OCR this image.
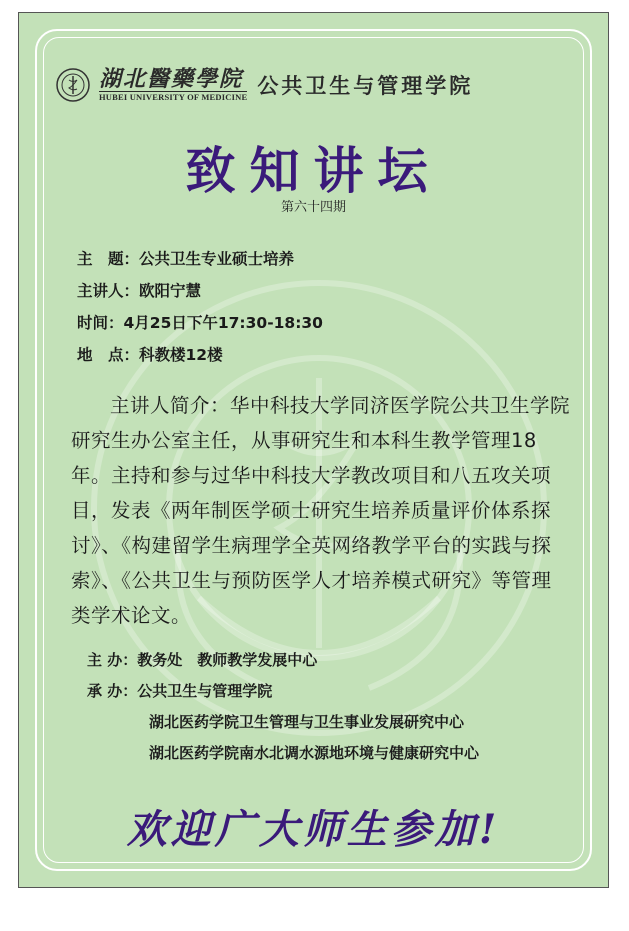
湖北醫藥學院
HUBEI UNIVERSITY OF MEDICINE 公共卫生与管理学院
致知讲坛
第六十四期
主　题：公共卫生专业硕士培养
主讲人：欧阳宁慧
时间：4月25日下午17:30-18:30
地　点：科教楼12楼
主讲人简介：华中科技大学同济医学院公共卫生学院研究生办公室主任，从事研究生和本科生教学管理18年。主持和参与过华中科技大学教改项目和八五攻关项目，发表《两年制医学硕士研究生培养质量评价体系探讨》、《构建留学生病理学全英网络教学平台的实践与探索》、《公共卫生与预防医学人才培养模式研究》等管理类学术论文。
主 办：教务处　教师教学发展中心
承 办：公共卫生与管理学院
湖北医药学院卫生管理与卫生事业发展研究中心
湖北医药学院南水北调水源地环境与健康研究中心
欢迎广大师生参加!
